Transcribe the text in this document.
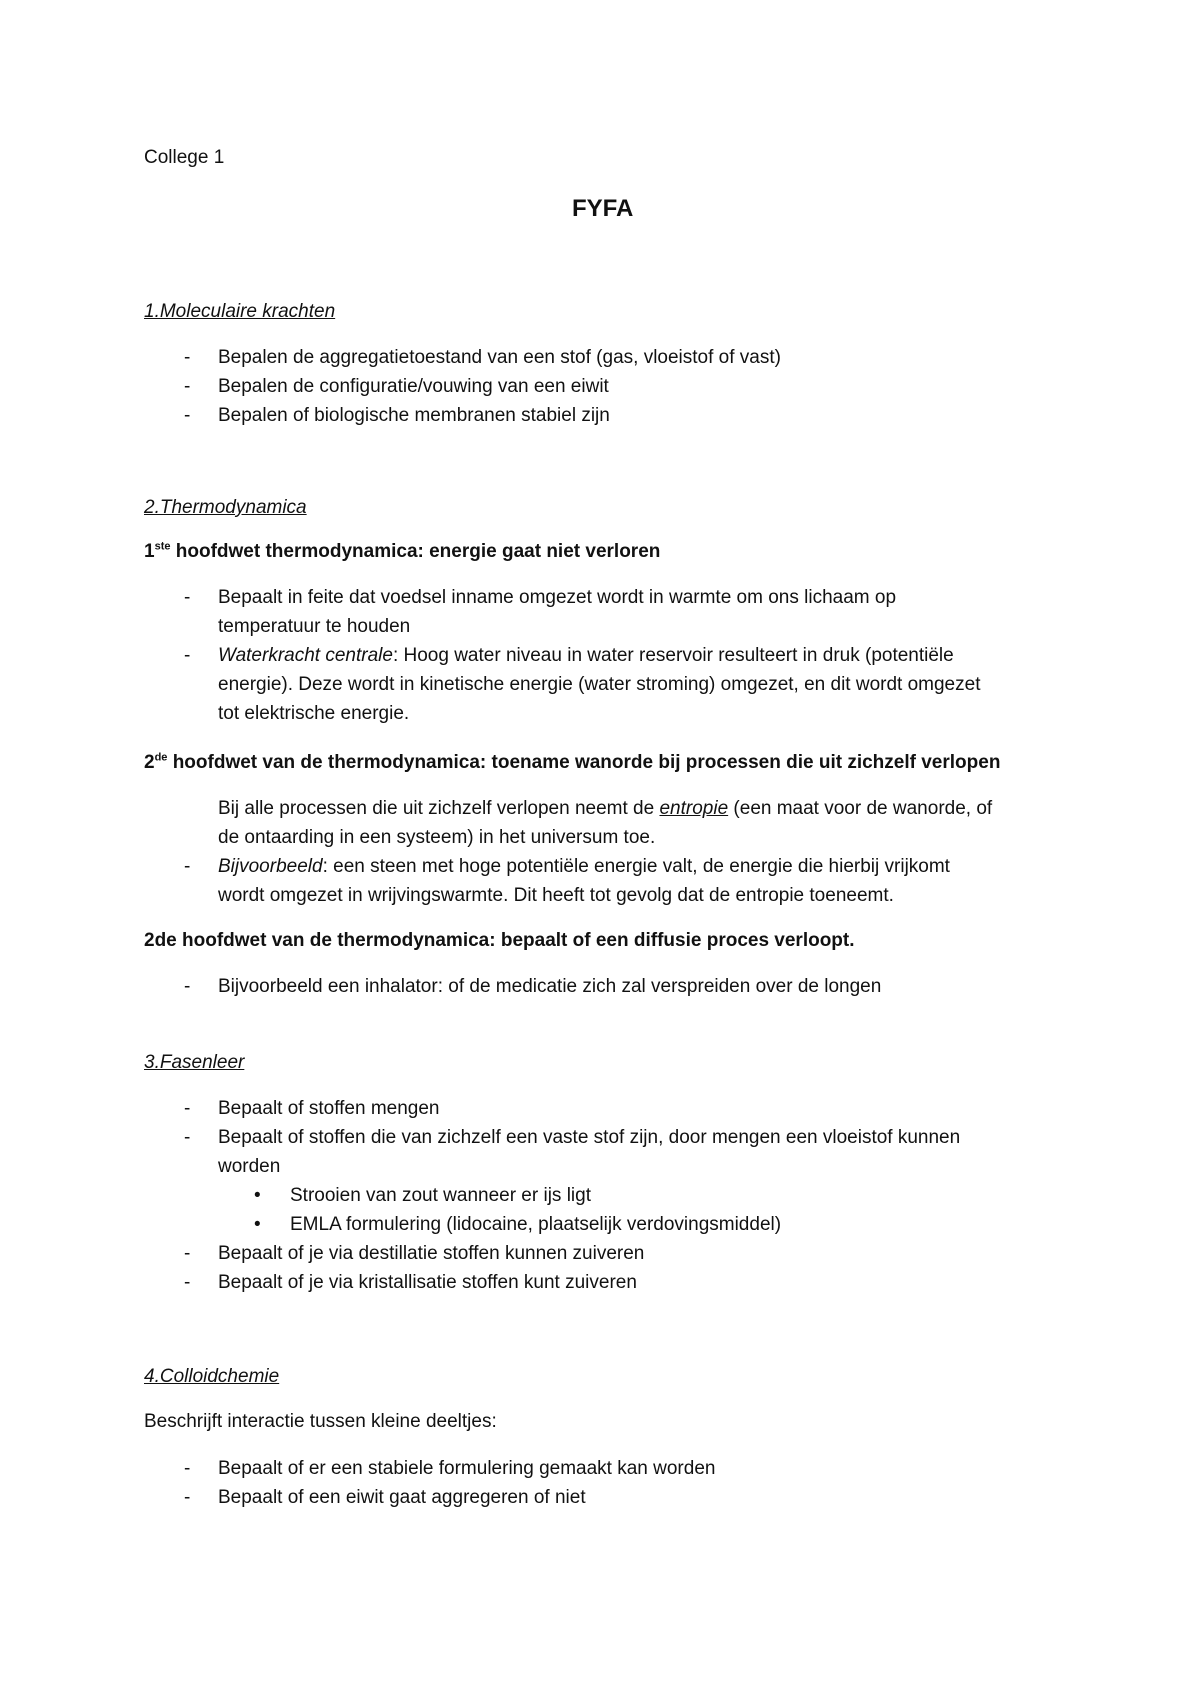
College 1
FYFA
1.Moleculaire krachten
- Bepalen de aggregatietoestand van een stof (gas, vloeistof of vast)
- Bepalen de configuratie/vouwing van een eiwit
- Bepalen of biologische membranen stabiel zijn
2.Thermodynamica
1ste hoofdwet thermodynamica: energie gaat niet verloren
- Bepaalt in feite dat voedsel inname omgezet wordt in warmte om ons lichaam op
temperatuur te houden
- Waterkracht centrale: Hoog water niveau in water reservoir resulteert in druk (potentiële
energie). Deze wordt in kinetische energie (water stroming) omgezet, en dit wordt omgezet
tot elektrische energie.
2de hoofdwet van de thermodynamica: toename wanorde bij processen die uit zichzelf verlopen
Bij alle processen die uit zichzelf verlopen neemt de entropie (een maat voor de wanorde, of
de ontaarding in een systeem) in het universum toe.
- Bijvoorbeeld: een steen met hoge potentiële energie valt, de energie die hierbij vrijkomt
wordt omgezet in wrijvingswarmte. Dit heeft tot gevolg dat de entropie toeneemt.
2de hoofdwet van de thermodynamica: bepaalt of een diffusie proces verloopt.
- Bijvoorbeeld een inhalator: of de medicatie zich zal verspreiden over de longen
3.Fasenleer
- Bepaalt of stoffen mengen
- Bepaalt of stoffen die van zichzelf een vaste stof zijn, door mengen een vloeistof kunnen
worden
• Strooien van zout wanneer er ijs ligt
• EMLA formulering (lidocaine, plaatselijk verdovingsmiddel)
- Bepaalt of je via destillatie stoffen kunnen zuiveren
- Bepaalt of je via kristallisatie stoffen kunt zuiveren
4.Colloidchemie
Beschrijft interactie tussen kleine deeltjes:
- Bepaalt of er een stabiele formulering gemaakt kan worden
- Bepaalt of een eiwit gaat aggregeren of niet
